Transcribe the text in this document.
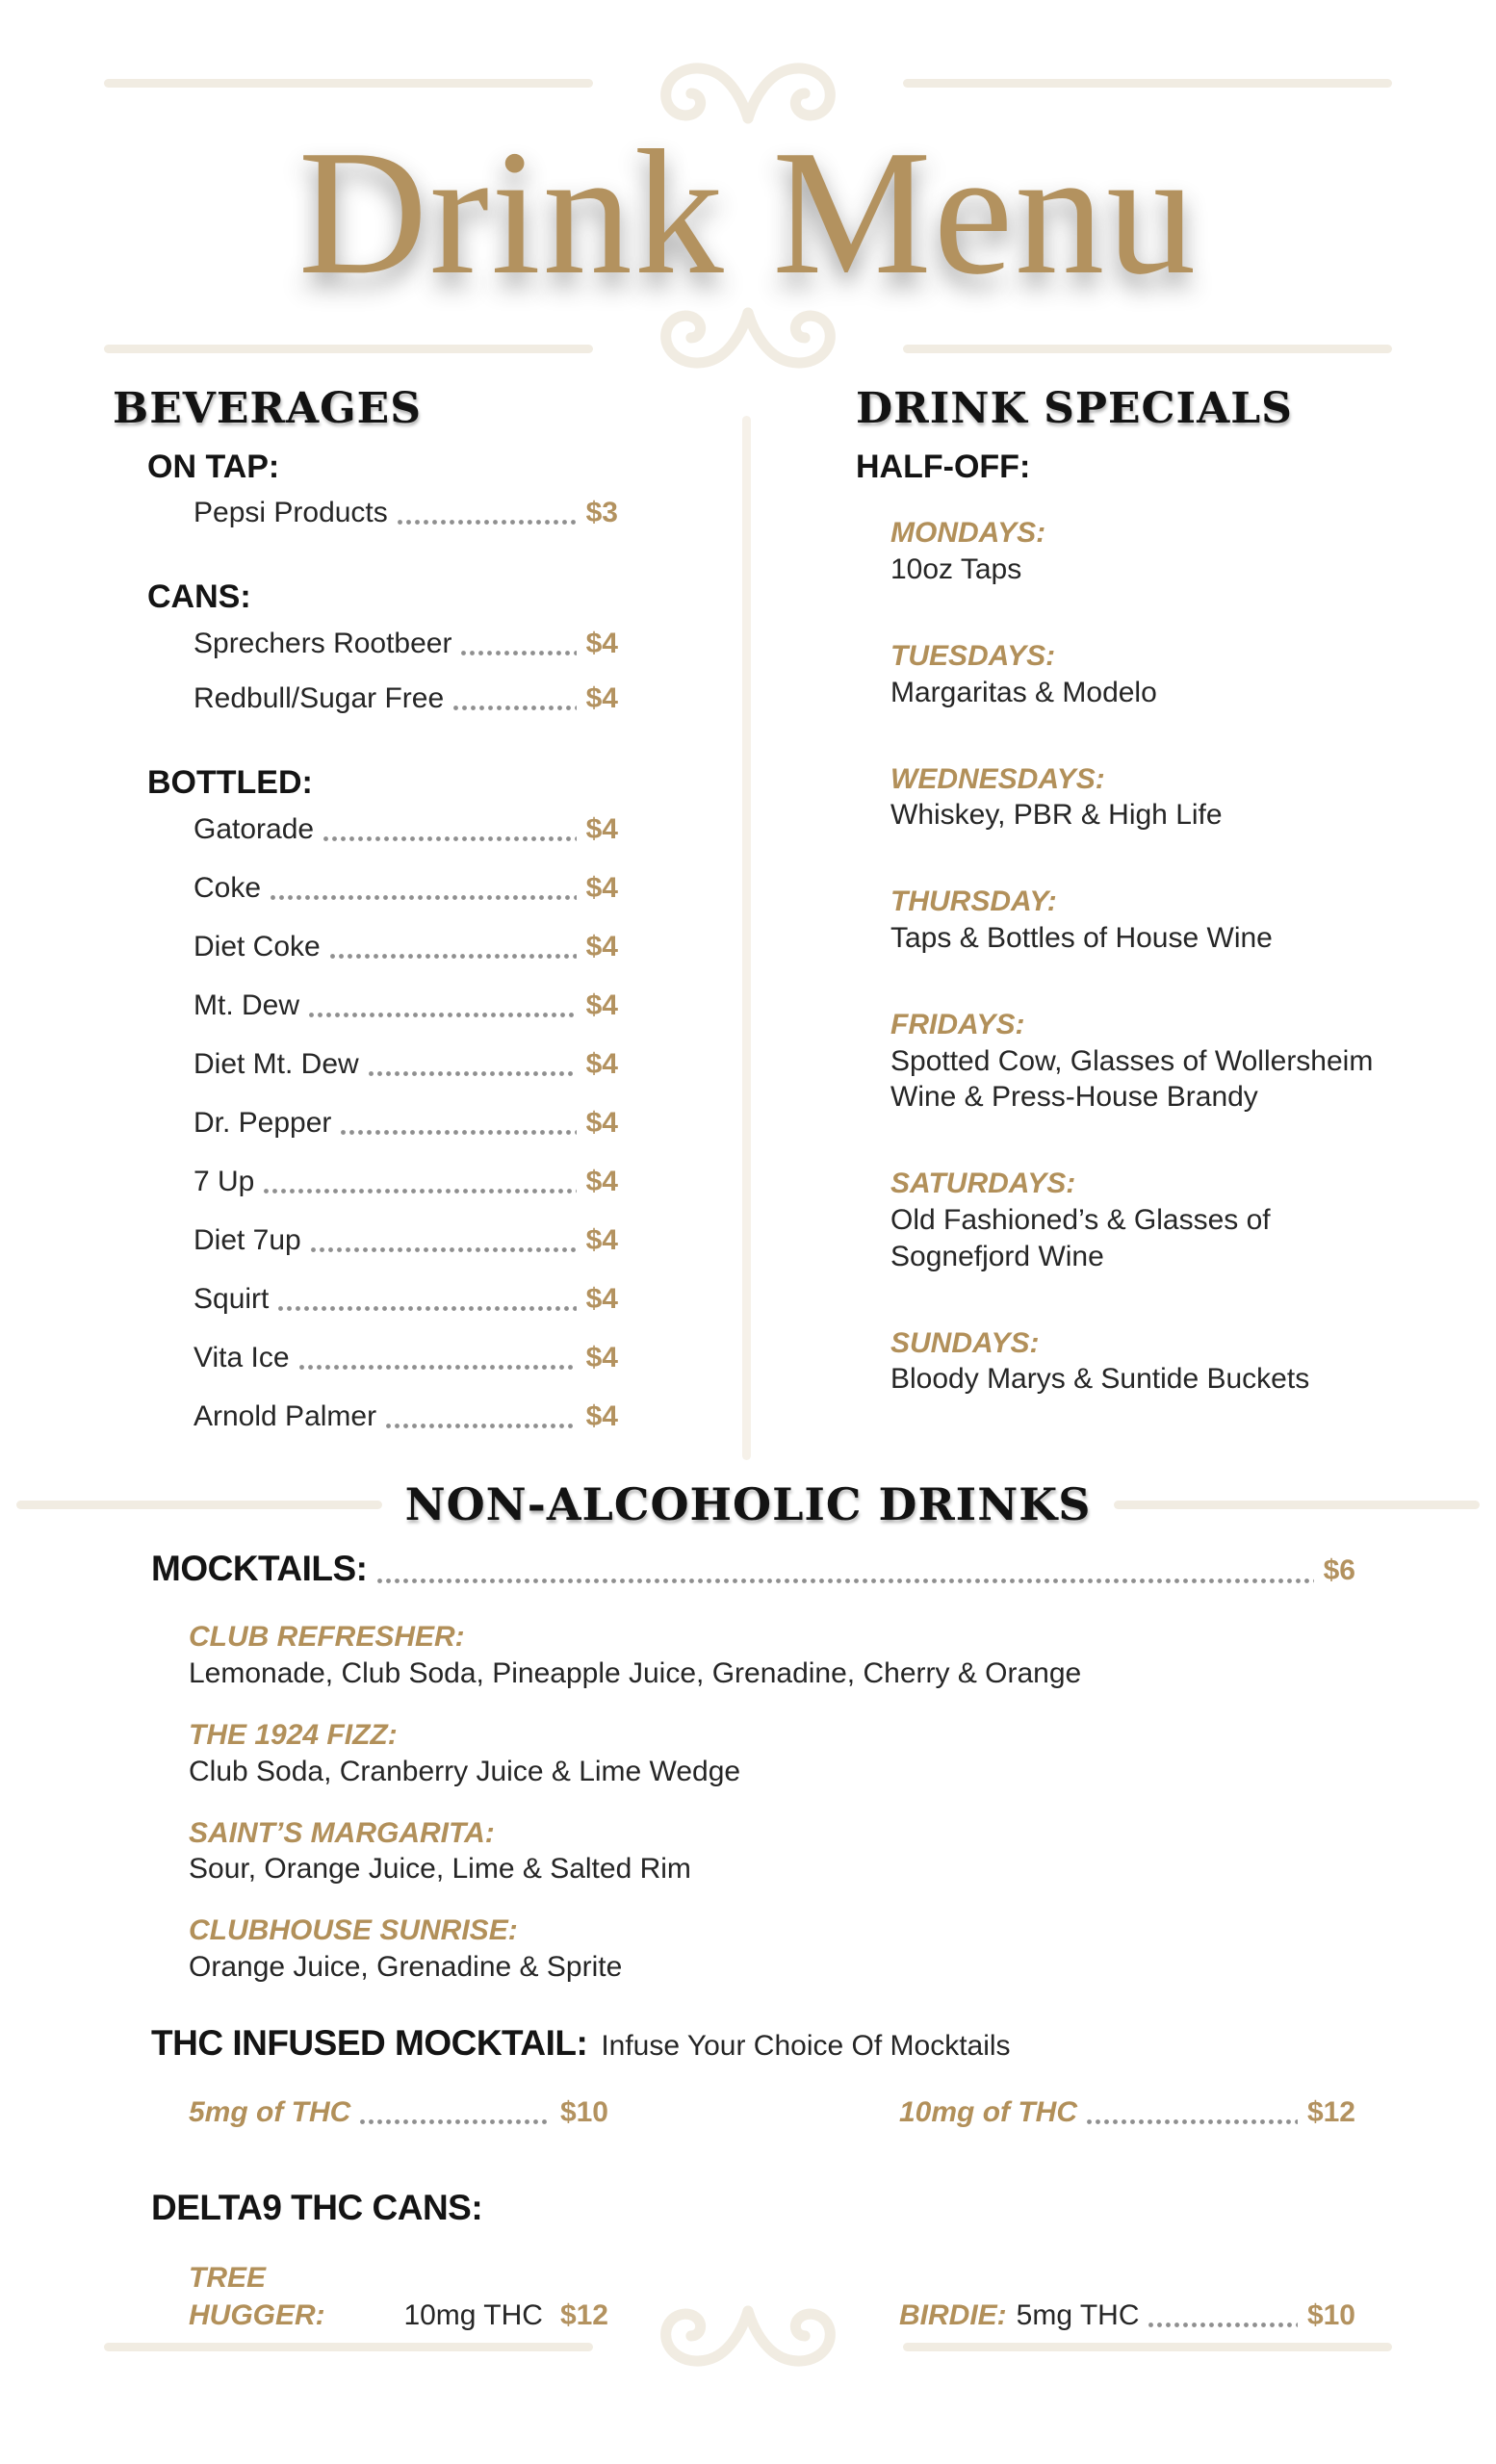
Drink Menu
BEVERAGES
ON TAP:
Pepsi Products	$3
CANS:
Sprechers Rootbeer	$4
Redbull/Sugar Free	$4
BOTTLED:
Gatorade	$4
Coke	$4
Diet Coke	$4
Mt. Dew	$4
Diet Mt. Dew	$4
Dr. Pepper	$4
7 Up	$4
Diet 7up	$4
Squirt	$4
Vita Ice	$4
Arnold Palmer	$4
DRINK SPECIALS
HALF-OFF:
MONDAYS:
10oz Taps
TUESDAYS:
Margaritas & Modelo
WEDNESDAYS:
Whiskey, PBR & High Life
THURSDAY:
Taps & Bottles of House Wine
FRIDAYS:
Spotted Cow, Glasses of Wollersheim Wine & Press-House Brandy
SATURDAYS:
Old Fashioned’s & Glasses of Sognefjord Wine
SUNDAYS:
Bloody Marys & Suntide Buckets
NON-ALCOHOLIC DRINKS
MOCKTAILS:	$6
CLUB REFRESHER:
Lemonade, Club Soda, Pineapple Juice, Grenadine, Cherry & Orange
THE 1924 FIZZ:
Club Soda, Cranberry Juice & Lime Wedge
SAINT’S MARGARITA:
Sour, Orange Juice, Lime & Salted Rim
CLUBHOUSE SUNRISE:
Orange Juice, Grenadine & Sprite
THC INFUSED MOCKTAIL: Infuse Your Choice Of Mocktails
5mg of THC	$10	10mg of THC	$12
DELTA9 THC CANS:
TREE HUGGER:	10mg THC $12	BIRDIE: 5mg THC	$10
